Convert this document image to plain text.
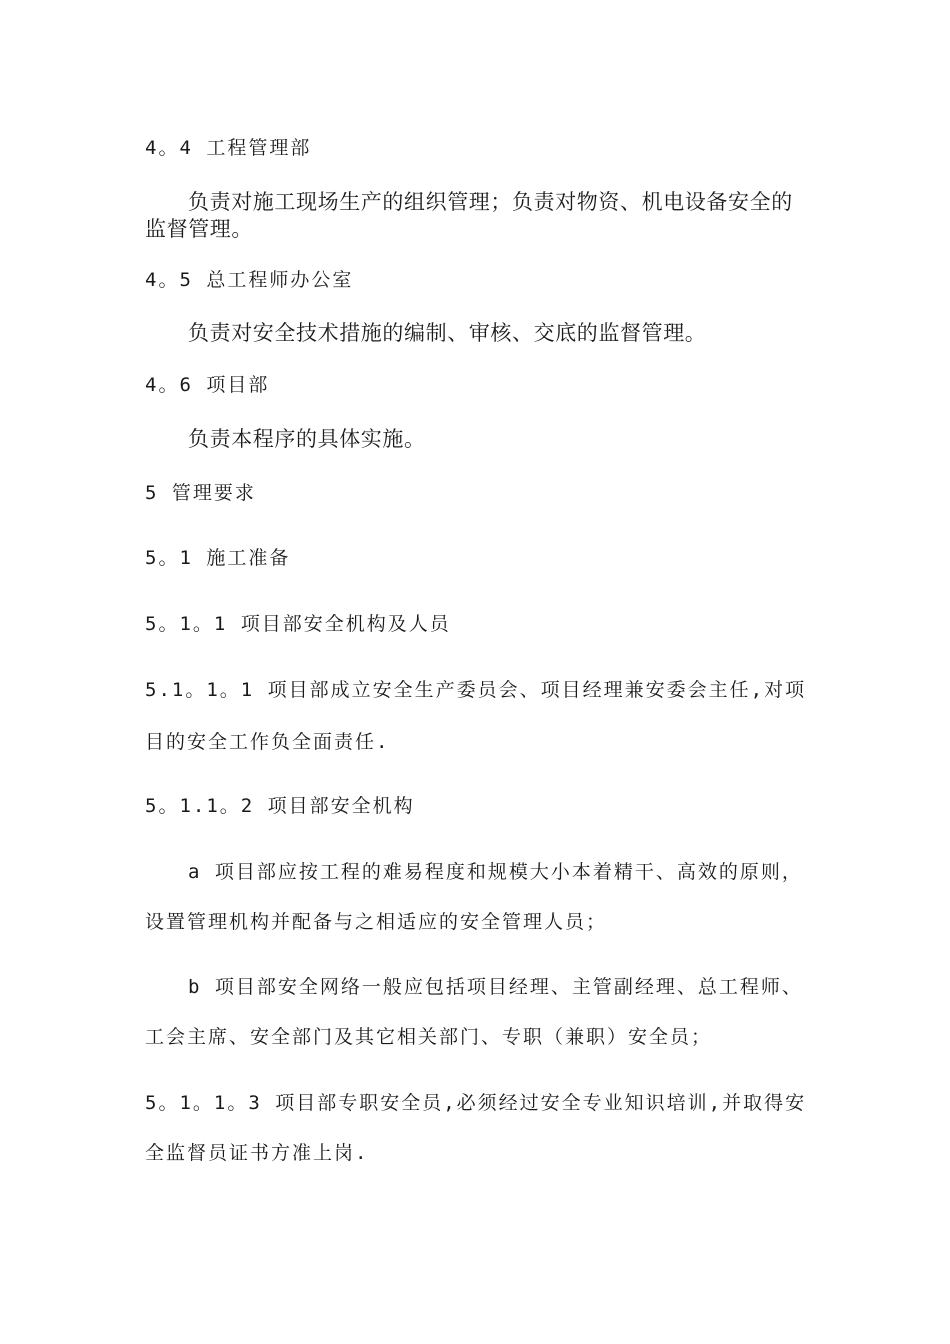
4。4 工程管理部
负责对施工现场生产的组织管理；负责对物资、机电设备安全的
监督管理。
4。5 总工程师办公室
负责对安全技术措施的编制、审核、交底的监督管理。
4。6 项目部
负责本程序的具体实施。
5 管理要求
5。1 施工准备
5。1。1 项目部安全机构及人员
5.1。1。1 项目部成立安全生产委员会、项目经理兼安委会主任,对项
目的安全工作负全面责任.
5。1.1。2 项目部安全机构
a 项目部应按工程的难易程度和规模大小本着精干、高效的原则，
设置管理机构并配备与之相适应的安全管理人员；
b 项目部安全网络一般应包括项目经理、主管副经理、总工程师、
工会主席、安全部门及其它相关部门、专职（兼职）安全员；
5。1。1。3 项目部专职安全员,必须经过安全专业知识培训,并取得安
全监督员证书方准上岗.
